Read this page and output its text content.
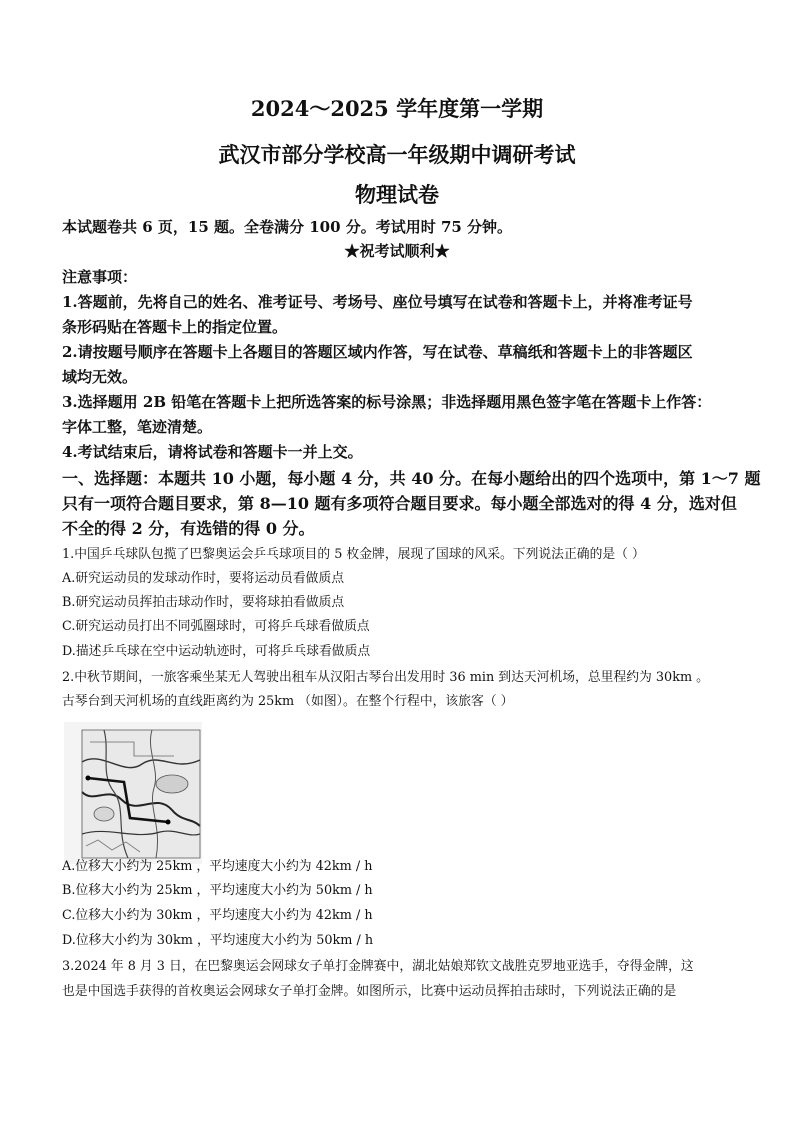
2024～2025 学年度第一学期
武汉市部分学校高一年级期中调研考试
物理试卷
本试题卷共 6 页，15 题。全卷满分 100 分。考试用时 75 分钟。
★祝考试顺利★
注意事项：
1.答题前，先将自己的姓名、准考证号、考场号、座位号填写在试卷和答题卡上，并将准考证号
条形码贴在答题卡上的指定位置。
2.请按题号顺序在答题卡上各题目的答题区域内作答，写在试卷、草稿纸和答题卡上的非答题区
域均无效。
3.选择题用 2B 铅笔在答题卡上把所选答案的标号涂黑；非选择题用黑色签字笔在答题卡上作答：
字体工整，笔迹清楚。
4.考试结束后，请将试卷和答题卡一并上交。
一、选择题：本题共 10 小题，每小题 4 分，共 40 分。在每小题给出的四个选项中，第 1～7 题
只有一项符合题目要求，第 8—10 题有多项符合题目要求。每小题全部选对的得 4 分，选对但
不全的得 2 分，有选错的得 0 分。
1.中国乒乓球队包揽了巴黎奥运会乒乓球项目的 5 枚金牌，展现了国球的风采。下列说法正确的是（ ）
A.研究运动员的发球动作时，要将运动员看做质点
B.研究运动员挥拍击球动作时，要将球拍看做质点
C.研究运动员打出不同弧圈球时，可将乒乓球看做质点
D.描述乒乓球在空中运动轨迹时，可将乒乓球看做质点
2.中秋节期间，一旅客乘坐某无人驾驶出租车从汉阳古琴台出发用时 36 min 到达天河机场，总里程约为 30km 。
古琴台到天河机场的直线距离约为 25km （如图）。在整个行程中，该旅客（ ）
A.位移大小约为 25km ，平均速度大小约为 42km / h
B.位移大小约为 25km ，平均速度大小约为 50km / h
C.位移大小约为 30km ，平均速度大小约为 42km / h
D.位移大小约为 30km ，平均速度大小约为 50km / h
3.2024 年 8 月 3 日，在巴黎奥运会网球女子单打金牌赛中，湖北姑娘郑钦文战胜克罗地亚选手，夺得金牌，这
也是中国选手获得的首枚奥运会网球女子单打金牌。如图所示，比赛中运动员挥拍击球时，下列说法正确的是
